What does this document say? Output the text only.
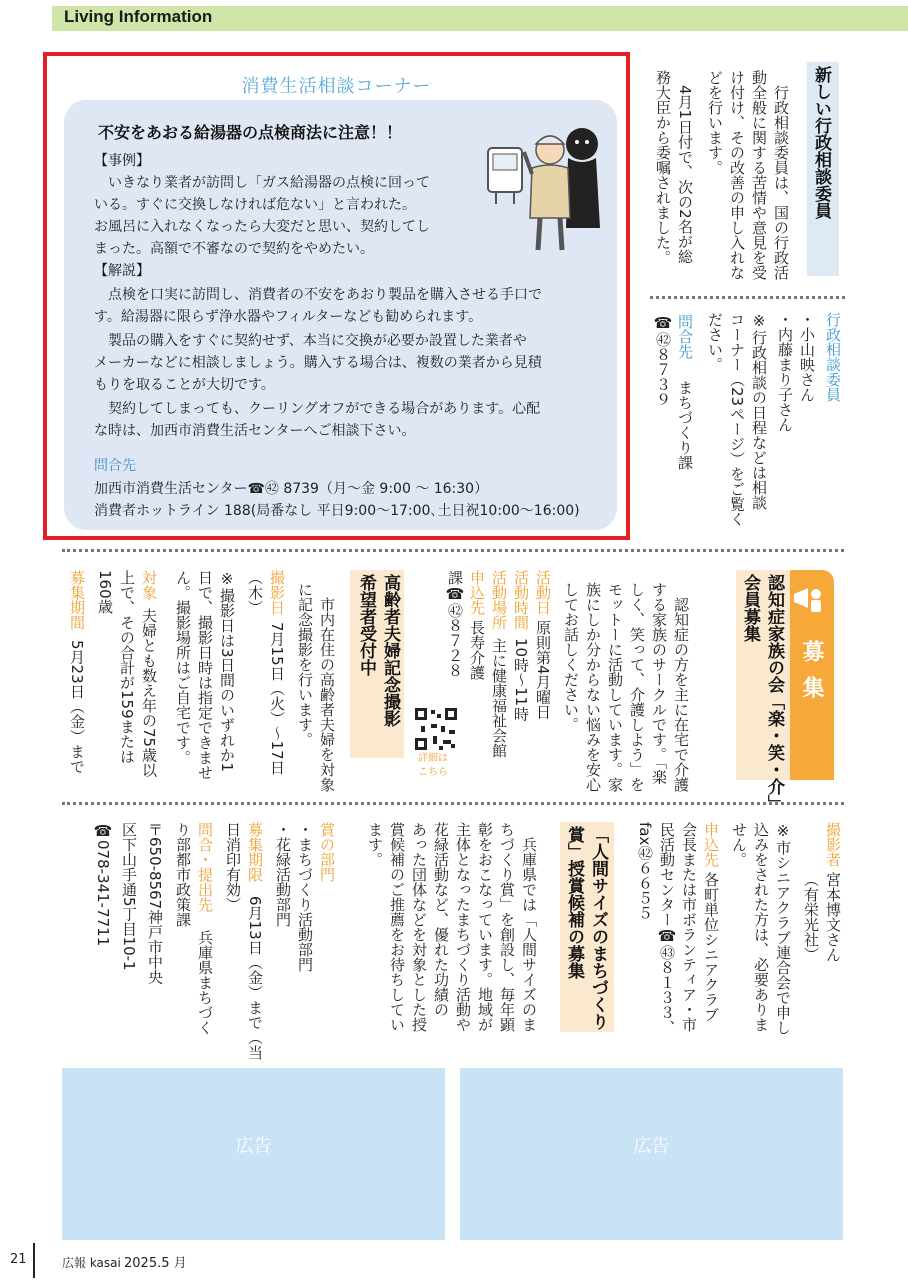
Living Information
消費生活相談コーナー
不安をあおる給湯器の点検商法に注意！！
【事例】
　いきなり業者が訪問し「ガス給湯器の点検に回って
いる。すぐに交換しなければ危ない」と言われた。
お風呂に入れなくなったら大変だと思い、契約してし
まった。高額で不審なので契約をやめたい。
【解説】
　点検を口実に訪問し、消費者の不安をあおり製品を購入させる手口で
す。給湯器に限らず浄水器やフィルターなども勧められます。
　製品の購入をすぐに契約せず、本当に交換が必要か設置した業者や
メーカーなどに相談しましょう。購入する場合は、複数の業者から見積
もりを取ることが大切です。
　契約してしまっても、クーリングオフができる場合があります。心配
な時は、加西市消費生活センターへご相談下さい。
問合先
加西市消費生活センター☎㊷ 8739（月～金 9:00 ～ 16:30）
消費者ホットライン 188(局番なし 平日9:00～17:00､土日祝10:00～16:00)
新しい行政相談委員
　行政相談委員は、国の行政活
動全般に関する苦情や意見を受
け付け、その改善の申し入れな
どを行います。
　4月1日付で、次の2名が総
務大臣から委嘱されました。
行政相談委員
・小山映さん
・内藤まり子さん
※行政相談の日程などは相談
コーナー（23ページ）をご覧く
ださい。
問合先
まちづくり課
☎㊷８７３９
募集
認知症家族の会「楽・笑・介」
会員募集
　認知症の方を主に在宅で介護
する家族のサークルです。「楽
しく、笑って、介護しよう」を
モットーに活動しています。家
族にしか分からない悩みを安心
してお話しください。
活動日
原則第4月曜日
活動時間
10時～11時
活動場所
主に健康福祉会館
申込先
長寿介護
課☎㊷８７２８
詳細は
こちら
高齢者夫婦記念撮影
希望者受付中
　市内在住の高齢者夫婦を対象
に記念撮影を行います。
撮影日
7月15日（火）～17日
（木）
※撮影日は3日間のいずれか1
日で、撮影日時は指定できませ
ん。撮影場所はご自宅です。
対象
夫婦とも数え年の75歳以
上で、その合計が159または
160歳
募集期間
5月23日（金）まで
撮影者
宮本博文さん
（有栄光社）
※市シニアクラブ連合会で申し
込みをされた方は、必要ありま
せん。
申込先
各町単位シニアクラブ
会長または市ボランティア・市
民活動センター☎㊸８１３３、
fax㊷６６５５
「人間サイズのまちづくり
賞」授賞候補の募集
　兵庫県では「人間サイズのま
ちづくり賞」を創設し、毎年顕
彰をおこなっています。地域が
主体となったまちづくり活動や
花緑活動など、優れた功績の
あった団体などを対象とした授
賞候補のご推薦をお待ちしてい
ます。
賞の部門
・まちづくり活動部門
・花緑活動部門
募集期限
6月13日（金）まで（当
日消印有効）
問合・提出先
兵庫県まちづく
り部都市政策課
〒650-8567神戸市中央
区下山手通5丁目10-1
☎078-341-7711
広告	広告
21	広報 kasai 2025.5 月
